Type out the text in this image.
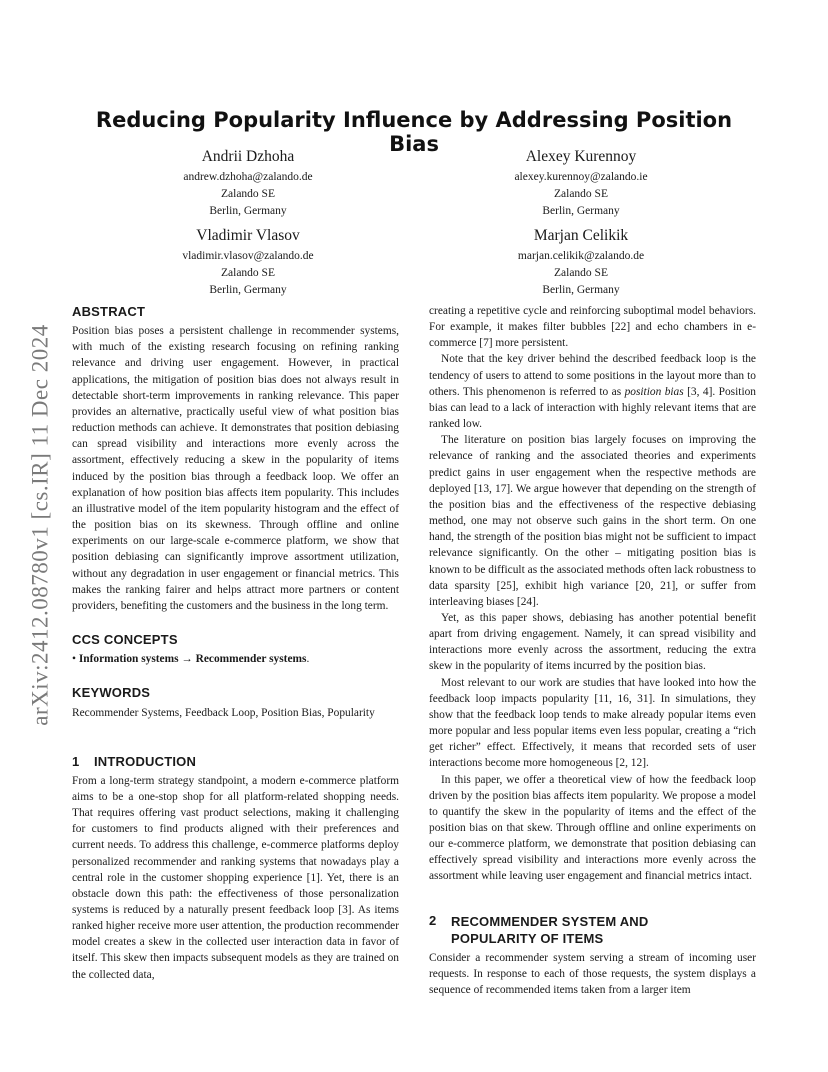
arXiv:2412.08780v1 [cs.IR] 11 Dec 2024
Reducing Popularity Influence by Addressing Position Bias
Andrii Dzhoha
andrew.dzhoha@zalando.de
Zalando SE
Berlin, Germany
Alexey Kurennoy
alexey.kurennoy@zalando.ie
Zalando SE
Berlin, Germany
Vladimir Vlasov
vladimir.vlasov@zalando.de
Zalando SE
Berlin, Germany
Marjan Celikik
marjan.celikik@zalando.de
Zalando SE
Berlin, Germany
ABSTRACT

Position bias poses a persistent challenge in recommender systems, with much of the existing research focusing on refining ranking relevance and driving user engagement. However, in practical applications, the mitigation of position bias does not always result in detectable short-term improvements in ranking relevance. This paper provides an alternative, practically useful view of what position bias reduction methods can achieve. It demonstrates that position debiasing can spread visibility and interactions more evenly across the assortment, effectively reducing a skew in the popularity of items induced by the position bias through a feedback loop. We offer an explanation of how position bias affects item popularity. This includes an illustrative model of the item popularity histogram and the effect of the position bias on its skewness. Through offline and online experiments on our large-scale e-commerce platform, we show that position debiasing can significantly improve assortment utilization, without any degradation in user engagement or financial metrics. This makes the ranking fairer and helps attract more partners or content providers, benefiting the customers and the business in the long term.

CCS CONCEPTS

• Information systems → Recommender systems.

KEYWORDS

Recommender Systems, Feedback Loop, Position Bias, Popularity

1 INTRODUCTION

From a long-term strategy standpoint, a modern e-commerce platform aims to be a one-stop shop for all platform-related shopping needs. That requires offering vast product selections, making it challenging for customers to find products aligned with their preferences and current needs. To address this challenge, e-commerce platforms deploy personalized recommender and ranking systems that nowadays play a central role in the customer shopping experience [1]. Yet, there is an obstacle down this path: the effectiveness of those personalization systems is reduced by a naturally present feedback loop [3]. As items ranked higher receive more user attention, the production recommender model creates a skew in the collected user interaction data in favor of itself. This skew then impacts subsequent models as they are trained on the collected data,

creating a repetitive cycle and reinforcing suboptimal model behaviors. For example, it makes filter bubbles [22] and echo chambers in e-commerce [7] more persistent.

Note that the key driver behind the described feedback loop is the tendency of users to attend to some positions in the layout more than to others. This phenomenon is referred to as position bias [3, 4]. Position bias can lead to a lack of interaction with highly relevant items that are ranked low.

The literature on position bias largely focuses on improving the relevance of ranking and the associated theories and experiments predict gains in user engagement when the respective methods are deployed [13, 17]. We argue however that depending on the strength of the position bias and the effectiveness of the respective debiasing method, one may not observe such gains in the short term. On one hand, the strength of the position bias might not be sufficient to impact relevance significantly. On the other – mitigating position bias is known to be difficult as the associated methods often lack robustness to data sparsity [25], exhibit high variance [20, 21], or suffer from interleaving biases [24].

Yet, as this paper shows, debiasing has another potential benefit apart from driving engagement. Namely, it can spread visibility and interactions more evenly across the assortment, reducing the extra skew in the popularity of items incurred by the position bias.

Most relevant to our work are studies that have looked into how the feedback loop impacts popularity [11, 16, 31]. In simulations, they show that the feedback loop tends to make already popular items even more popular and less popular items even less popular, creating a “rich get richer” effect. Effectively, it means that recorded sets of user interactions become more homogeneous [2, 12].

In this paper, we offer a theoretical view of how the feedback loop driven by the position bias affects item popularity. We propose a model to quantify the skew in the popularity of items and the effect of the position bias on that skew. Through offline and online experiments on our e-commerce platform, we demonstrate that position debiasing can effectively spread visibility and interactions more evenly across the assortment while leaving user engagement and financial metrics intact.

2	RECOMMENDER SYSTEM AND
POPULARITY OF ITEMS

Consider a recommender system serving a stream of incoming user requests. In response to each of those requests, the system displays a sequence of recommended items taken from a larger item
